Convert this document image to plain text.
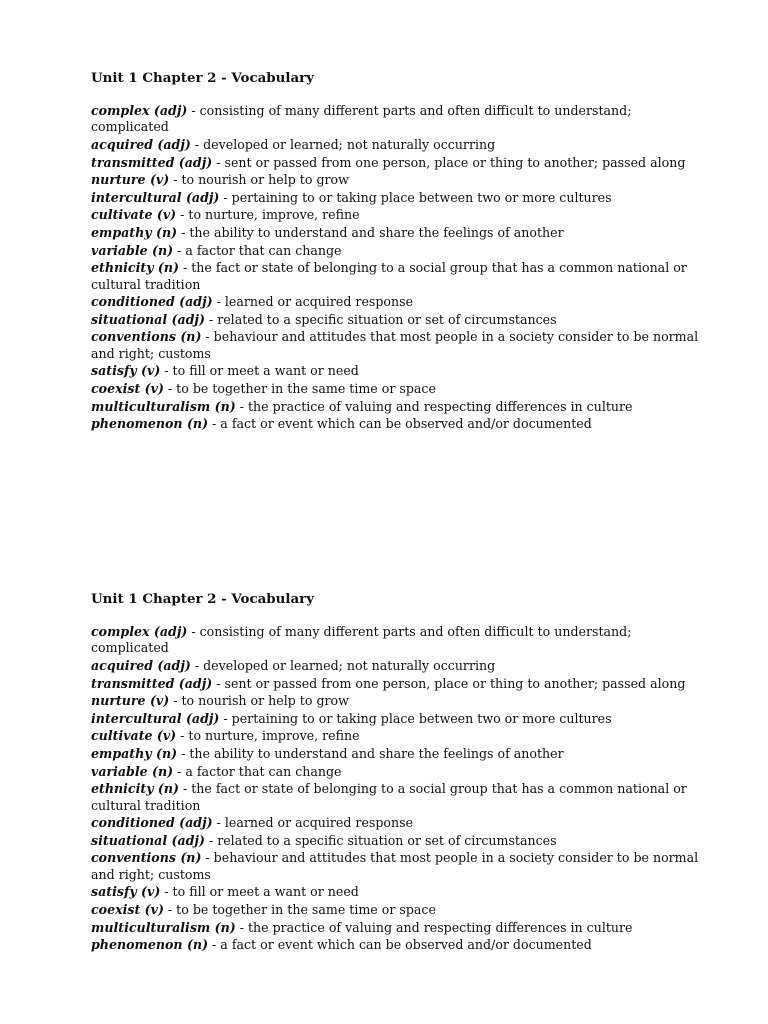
Unit 1 Chapter 2 - Vocabulary
complex (adj) - consisting of many different parts and often difficult to understand; complicated
acquired (adj) - developed or learned; not naturally occurring
transmitted (adj) - sent or passed from one person, place or thing to another; passed along
nurture (v) - to nourish or help to grow
intercultural (adj) - pertaining to or taking place between two or more cultures
cultivate (v) - to nurture, improve, refine
empathy (n) - the ability to understand and share the feelings of another
variable (n) - a factor that can change
ethnicity (n) - the fact or state of belonging to a social group that has a common national or cultural tradition
conditioned (adj) - learned or acquired response
situational (adj) - related to a specific situation or set of circumstances
conventions (n) - behaviour and attitudes that most people in a society consider to be normal and right; customs
satisfy (v) - to fill or meet a want or need
coexist (v) - to be together in the same time or space
multiculturalism (n) - the practice of valuing and respecting differences in culture
phenomenon (n) - a fact or event which can be observed and/or documented
Unit 1 Chapter 2 - Vocabulary
complex (adj) - consisting of many different parts and often difficult to understand; complicated
acquired (adj) - developed or learned; not naturally occurring
transmitted (adj) - sent or passed from one person, place or thing to another; passed along
nurture (v) - to nourish or help to grow
intercultural (adj) - pertaining to or taking place between two or more cultures
cultivate (v) - to nurture, improve, refine
empathy (n) - the ability to understand and share the feelings of another
variable (n) - a factor that can change
ethnicity (n) - the fact or state of belonging to a social group that has a common national or cultural tradition
conditioned (adj) - learned or acquired response
situational (adj) - related to a specific situation or set of circumstances
conventions (n) - behaviour and attitudes that most people in a society consider to be normal and right; customs
satisfy (v) - to fill or meet a want or need
coexist (v) - to be together in the same time or space
multiculturalism (n) - the practice of valuing and respecting differences in culture
phenomenon (n) - a fact or event which can be observed and/or documented
